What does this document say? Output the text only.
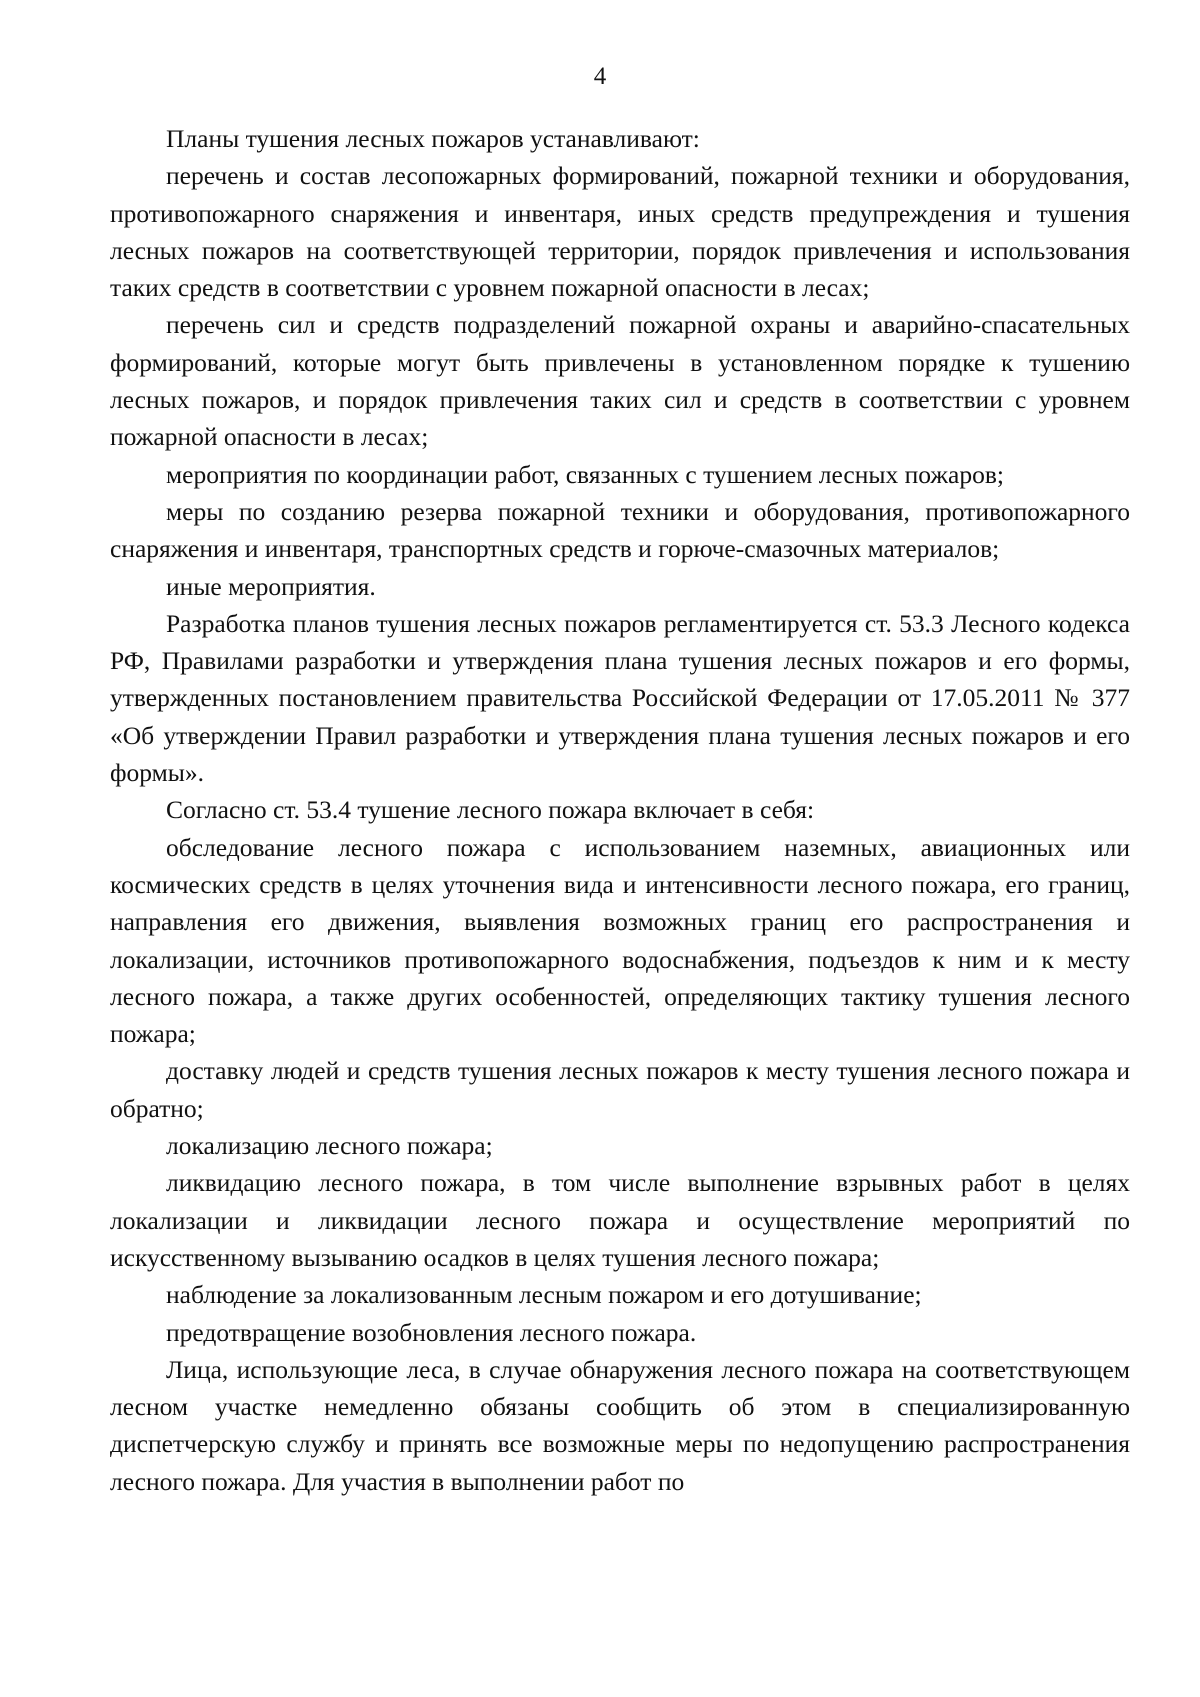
4

Планы тушения лесных пожаров устанавливают:

перечень и состав лесопожарных формирований, пожарной техники и оборудования, противопожарного снаряжения и инвентаря, иных средств предупреждения и тушения лесных пожаров на соответствующей территории, порядок привлечения и использования таких средств в соответствии с уровнем пожарной опасности в лесах;

перечень сил и средств подразделений пожарной охраны и аварийно-спасательных формирований, которые могут быть привлечены в установленном порядке к тушению лесных пожаров, и порядок привлечения таких сил и средств в соответствии с уровнем пожарной опасности в лесах;

мероприятия по координации работ, связанных с тушением лесных пожаров;

меры по созданию резерва пожарной техники и оборудования, противопожарного снаряжения и инвентаря, транспортных средств и горюче-смазочных материалов;

иные мероприятия.

Разработка планов тушения лесных пожаров регламентируется ст. 53.3 Лесного кодекса РФ, Правилами разработки и утверждения плана тушения лесных пожаров и его формы, утвержденных постановлением правительства Российской Федерации от 17.05.2011 № 377 «Об утверждении Правил разработки и утверждения плана тушения лесных пожаров и его формы».

Согласно ст. 53.4 тушение лесного пожара включает в себя:

обследование лесного пожара с использованием наземных, авиационных или космических средств в целях уточнения вида и интенсивности лесного пожара, его границ, направления его движения, выявления возможных границ его распространения и локализации, источников противопожарного водоснабжения, подъездов к ним и к месту лесного пожара, а также других особенностей, определяющих тактику тушения лесного пожара;

доставку людей и средств тушения лесных пожаров к месту тушения лесного пожара и обратно;

локализацию лесного пожара;

ликвидацию лесного пожара, в том числе выполнение взрывных работ в целях локализации и ликвидации лесного пожара и осуществление мероприятий по искусственному вызыванию осадков в целях тушения лесного пожара;

наблюдение за локализованным лесным пожаром и его дотушивание;

предотвращение возобновления лесного пожара.

Лица, использующие леса, в случае обнаружения лесного пожара на соответствующем лесном участке немедленно обязаны сообщить об этом в специализированную диспетчерскую службу и принять все возможные меры по недопущению распространения лесного пожара. Для участия в выполнении работ по
